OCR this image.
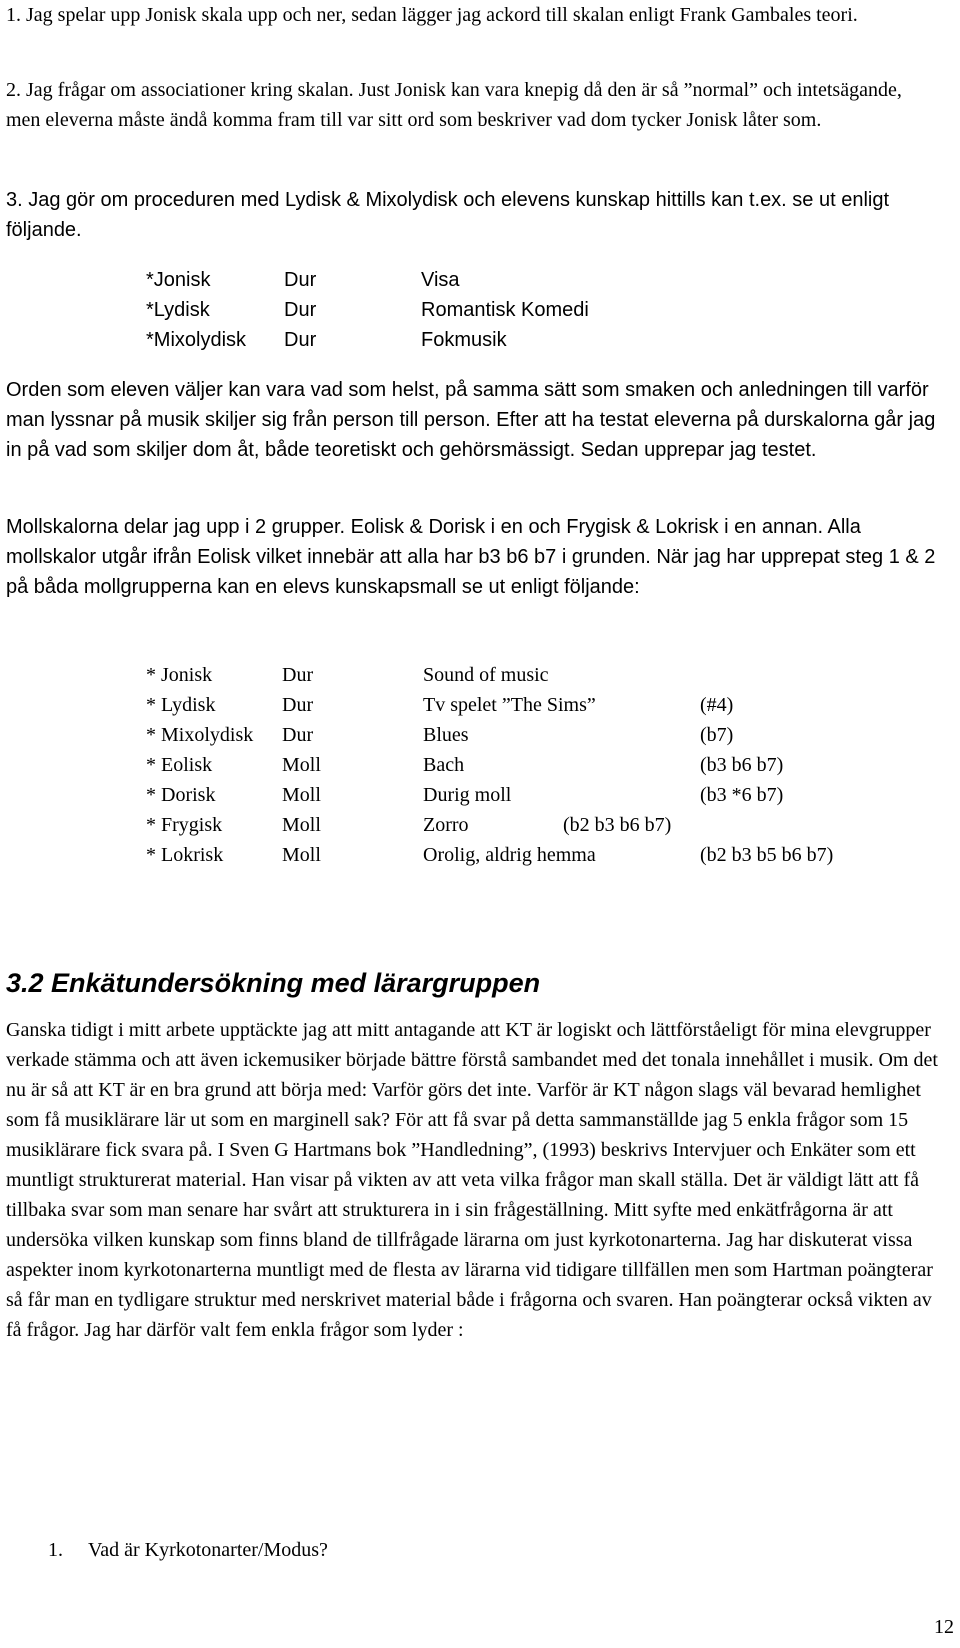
1. Jag spelar upp Jonisk skala upp och ner, sedan lägger jag ackord till skalan enligt Frank Gambales teori.

2. Jag frågar om associationer kring skalan. Just Jonisk kan vara knepig då den är så ”normal” och intetsägande, men eleverna måste ändå komma fram till var sitt ord som beskriver vad dom tycker Jonisk låter som.

3. Jag gör om proceduren med Lydisk & Mixolydisk och elevens kunskap hittills kan t.ex. se ut enligt följande.

*Jonisk	Dur	Visa
*Lydisk	Dur	Romantisk Komedi
*Mixolydisk Dur	Fokmusik

Orden som eleven väljer kan vara vad som helst, på samma sätt som smaken och anledningen till varför man lyssnar på musik skiljer sig från person till person. Efter att ha testat eleverna på durskalorna går jag in på vad som skiljer dom åt, både teoretiskt och gehörsmässigt. Sedan upprepar jag testet.

Mollskalorna delar jag upp i 2 grupper. Eolisk & Dorisk i en och Frygisk & Lokrisk i en annan. Alla mollskalor utgår ifrån Eolisk vilket innebär att alla har b3 b6 b7 i grunden. När jag har upprepat steg 1 & 2 på båda mollgrupperna kan en elevs kunskapsmall se ut enligt följande:

* Jonisk	Dur	Sound of music
* Lydisk	Dur	Tv spelet ”The Sims”	(#4)
* Mixolydisk Dur	Blues	(b7)
* Eolisk	Moll	Bach	(b3 b6 b7)
* Dorisk	Moll	Durig moll	(b3 *6 b7)
* Frygisk	Moll	Zorro	(b2 b3 b6 b7)
* Lokrisk	Moll	Orolig, aldrig hemma	(b2 b3 b5 b6 b7)
3.2 Enkätundersökning med lärargruppen

Ganska tidigt i mitt arbete upptäckte jag att mitt antagande att KT är logiskt och lättförståeligt för mina elevgrupper verkade stämma och att även ickemusiker började bättre förstå sambandet med det tonala innehållet i musik. Om det nu är så att KT är en bra grund att börja med: Varför görs det inte. Varför är KT någon slags väl bevarad hemlighet som få musiklärare lär ut som en marginell sak? För att få svar på detta sammanställde jag 5 enkla frågor som 15 musiklärare fick svara på. I Sven G Hartmans bok ”Handledning”, (1993) beskrivs Intervjuer och Enkäter som ett muntligt strukturerat material. Han visar på vikten av att veta vilka frågor man skall ställa. Det är väldigt lätt att få tillbaka svar som man senare har svårt att strukturera in i sin frågeställning. Mitt syfte med enkätfrågorna är att undersöka vilken kunskap som finns bland de tillfrågade lärarna om just kyrkotonarterna. Jag har diskuterat vissa aspekter inom kyrkotonarterna muntligt med de flesta av lärarna vid tidigare tillfällen men som Hartman poängterar så får man en tydligare struktur med nerskrivet material både i frågorna och svaren. Han poängterar också vikten av få frågor. Jag har därför valt fem enkla frågor som lyder :

1. Vad är Kyrkotonarter/Modus?
12
